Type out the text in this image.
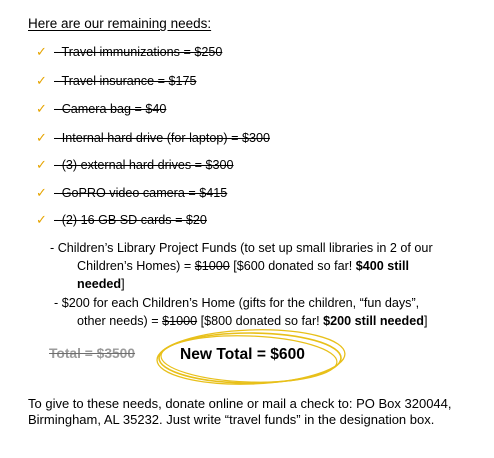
Here are our remaining needs:
✓ - Travel immunizations = $250
✓ - Travel insurance = $175
✓ - Camera bag = $40
✓ - Internal hard drive (for laptop) = $300
✓ - (3) external hard drives = $300
✓ - GoPRO video camera = $415
✓ - (2) 16 GB SD cards = $20
- Children’s Library Project Funds (to set up small libraries in 2 of our
Children’s Homes) = $1000 [$600 donated so far! $400 still
needed]
- $200 for each Children’s Home (gifts for the children, “fun days”,
other needs) = $1000 [$800 donated so far! $200 still needed]
Total = $3500	New Total = $600
To give to these needs, donate online or mail a check to: PO Box 320044,
Birmingham, AL 35232. Just write “travel funds” in the designation box.
